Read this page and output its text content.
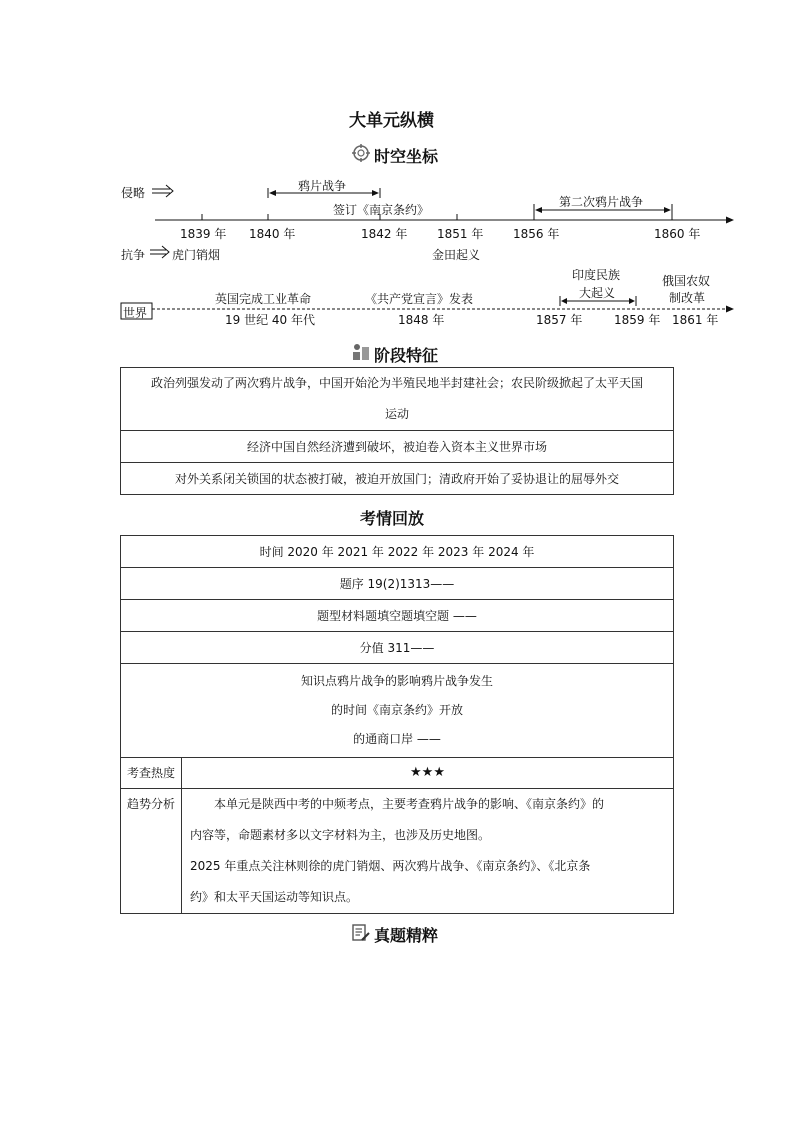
大单元纵横
时空坐标
侵略	鸦片战争
签订《南京条约》
第二次鸦片战争
1839 年 1840 年	1842 年 1851 年 1856 年	1860 年
抗争 虎门销烟	金田起义
印度民族
大起义
俄国农奴
制改革
英国完成工业革命	《共产党宣言》发表
世界	19 世纪 40 年代	1848 年	1857 年	1859 年 1861 年
阶段特征
政治列强发动了两次鸦片战争，中国开始沦为半殖民地半封建社会；农民阶级掀起了太平天国
运动

经济中国自然经济遭到破坏，被迫卷入资本主义世界市场
对外关系闭关锁国的状态被打破，被迫开放国门；清政府开始了妥协退让的屈辱外交
考情回放
时间 2020 年 2021 年 2022 年 2023 年 2024 年	
题序 19(2)1313——	
题型材料题填空题填空题 ——	
分值 311——	

知识点鸦片战争的影响鸦片战争发生
的时间《南京条约》开放
的通商口岸 ——	

考查热度	★★★
趋势分析	本单元是陕西中考的中频考点，主要考查鸦片战争的影响、《南京条约》的
内容等，命题素材多以文字材料为主，也涉及历史地图。
2025 年重点关注林则徐的虎门销烟、两次鸦片战争、《南京条约》、《北京条
约》和太平天国运动等知识点。
真题精粹
